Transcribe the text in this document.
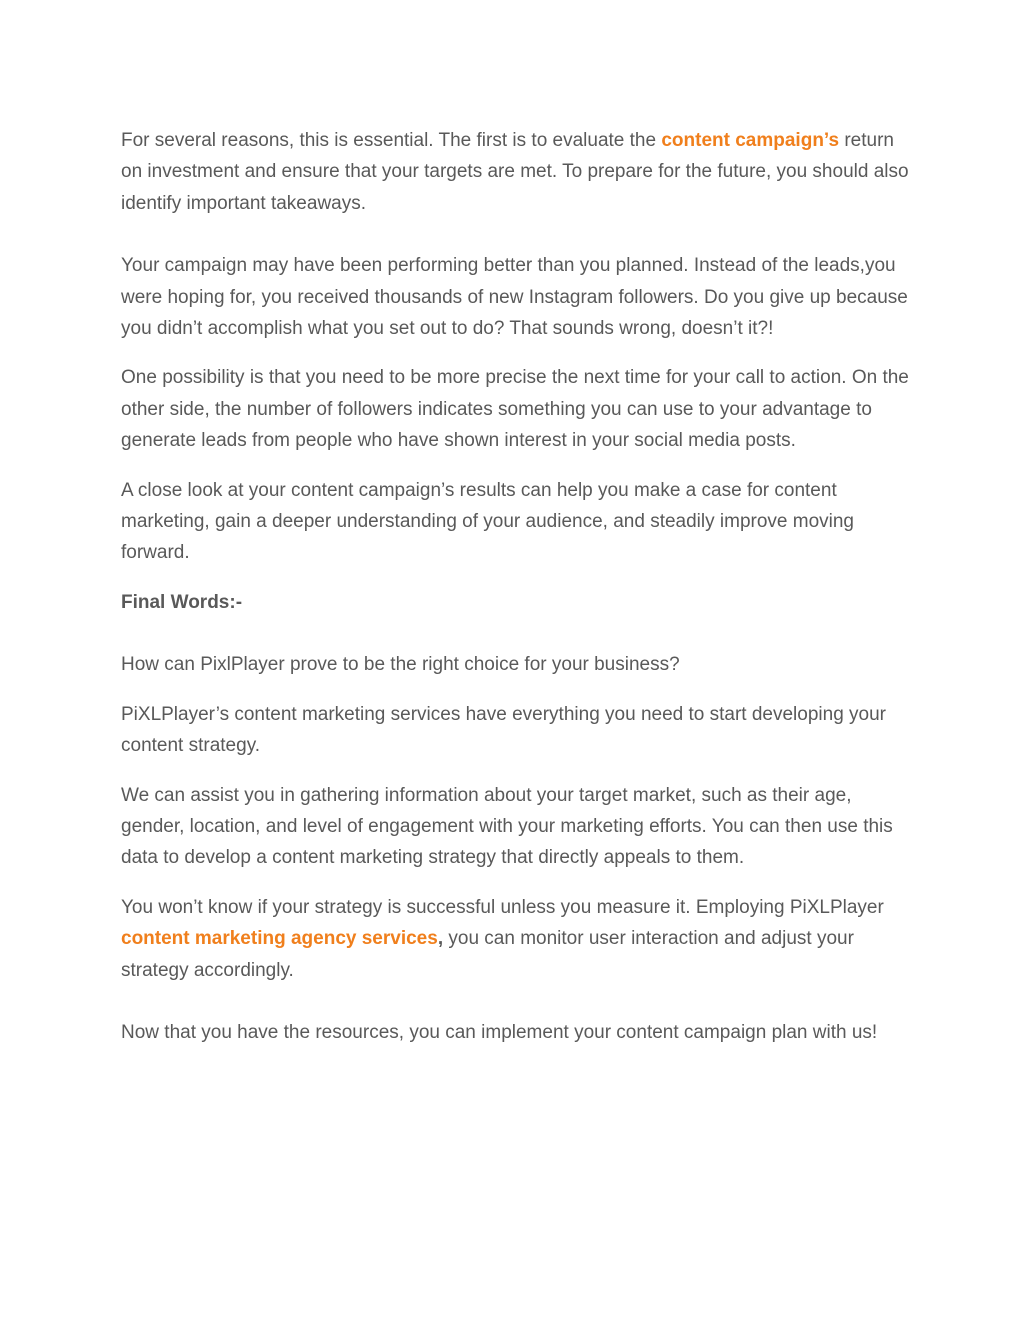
For several reasons, this is essential. The first is to evaluate the content campaign’s return on investment and ensure that your targets are met. To prepare for the future, you should also identify important takeaways.

Your campaign may have been performing better than you planned. Instead of the leads,you were hoping for, you received thousands of new Instagram followers. Do you give up because you didn’t accomplish what you set out to do? That sounds wrong, doesn’t it?!

One possibility is that you need to be more precise the next time for your call to action. On the other side, the number of followers indicates something you can use to your advantage to generate leads from people who have shown interest in your social media posts.

A close look at your content campaign’s results can help you make a case for content marketing, gain a deeper understanding of your audience, and steadily improve moving forward.

Final Words:-

How can PixlPlayer prove to be the right choice for your business?

PiXLPlayer’s content marketing services have everything you need to start developing your content strategy.

We can assist you in gathering information about your target market, such as their age, gender, location, and level of engagement with your marketing efforts. You can then use this data to develop a content marketing strategy that directly appeals to them.

You won’t know if your strategy is successful unless you measure it. Employing PiXLPlayer content marketing agency services, you can monitor user interaction and adjust your strategy accordingly.

Now that you have the resources, you can implement your content campaign plan with us!
